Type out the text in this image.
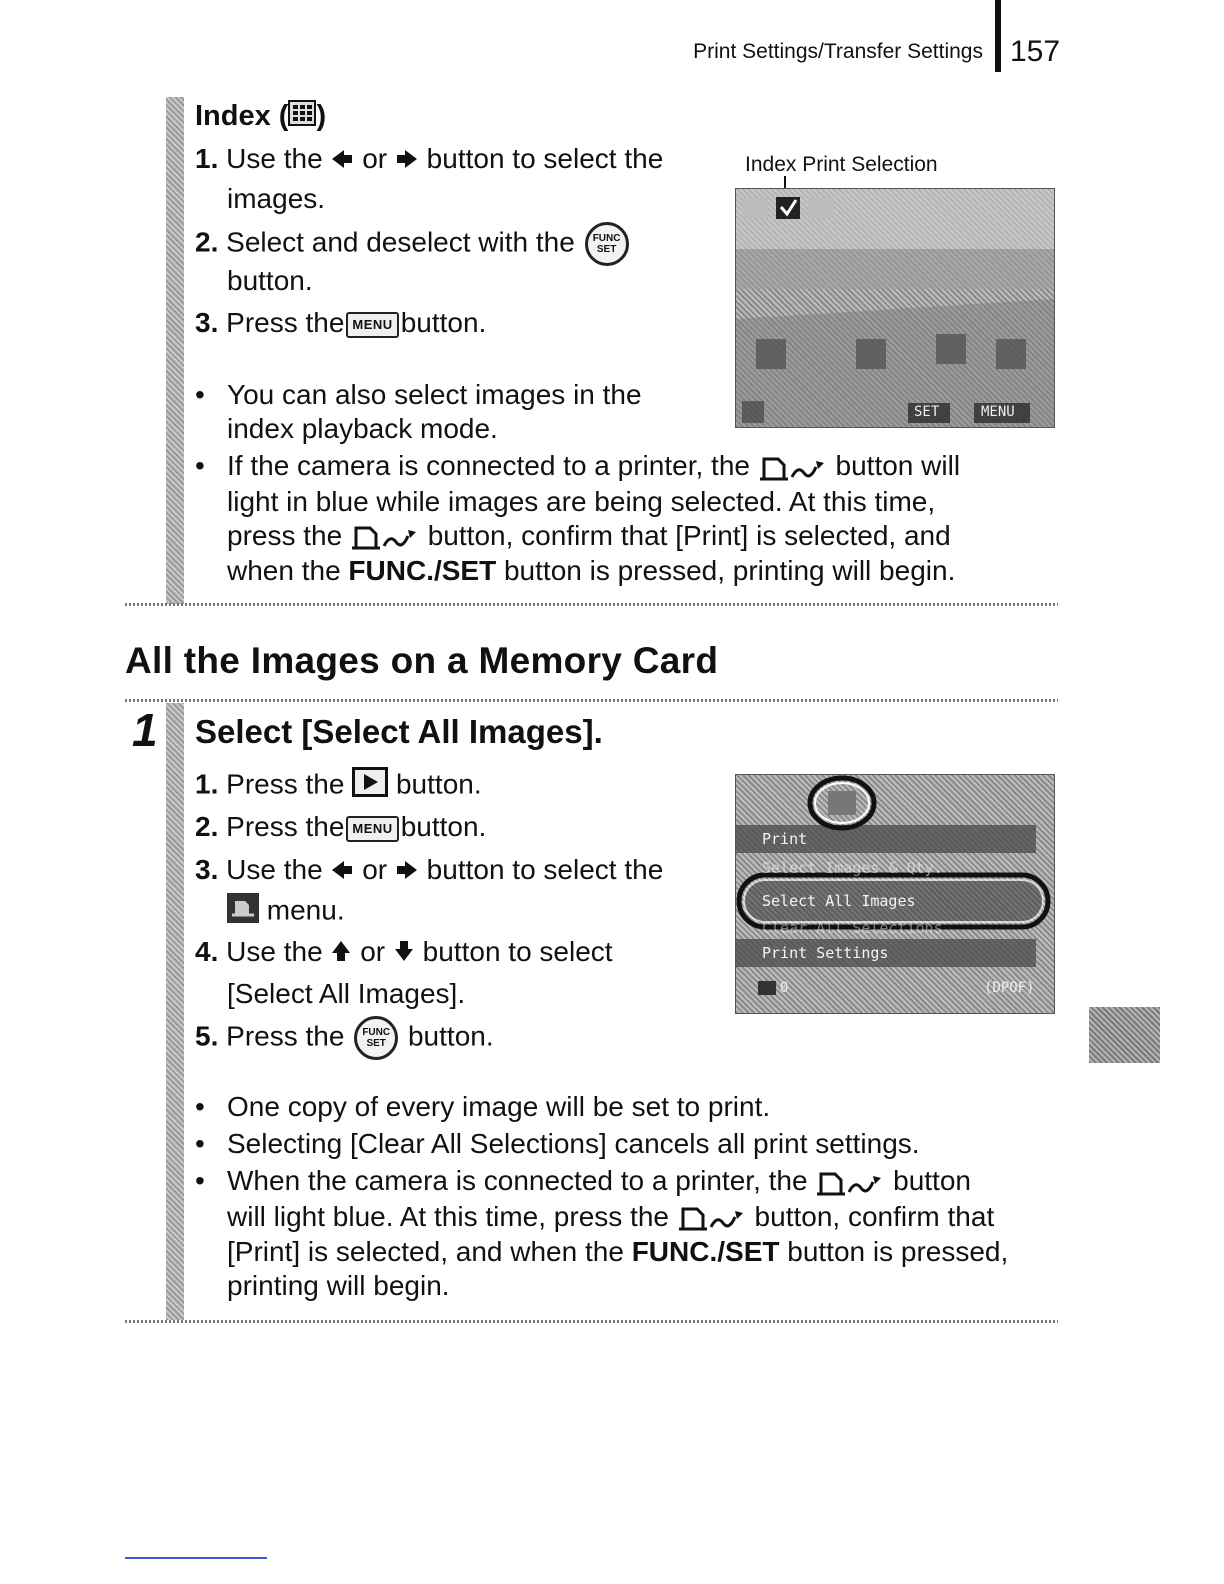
Print Settings/Transfer Settings 157
Index ( )
1. Use the or button to select the
images.
2. Select and deselect with the FUNC
SET
button.
3. Press the MENU button.
Index Print Selection
SET	MENU
• You can also select images in the
index playback mode.
• If the camera is connected to a printer, the	button will
light in blue while images are being selected. At this time,
press the	button, confirm that [Print] is selected, and
when the FUNC./SET button is pressed, printing will begin.
All the Images on a Memory Card
1 Select [Select All Images].
1. Press the button.
2. Press the MENU button.
3. Use the or button to select the
menu.
4. Use the or button to select
[Select All Images].
5. Press the FUNC
SET button.
Print
Select Images & Qty.
Select All Images
Clear All Selections
Print Settings
0	(DPOF)
• One copy of every image will be set to print.
• Selecting [Clear All Selections] cancels all print settings.
• When the camera is connected to a printer, the	button
will light blue. At this time, press the	button, confirm that
[Print] is selected, and when the FUNC./SET button is pressed,
printing will begin.
